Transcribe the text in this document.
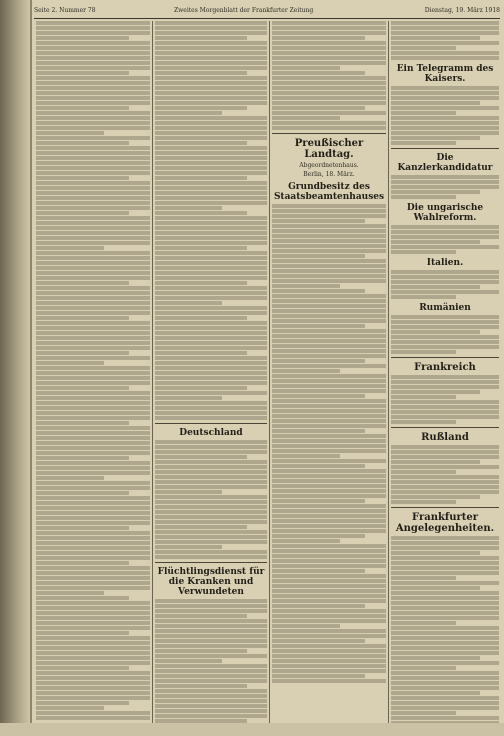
Seite 2. Nummer 78	Zweites Morgenblatt der Frankfurter Zeitung	Dienstag, 19. März 1918
Deutschland
Flüchtlingsdienst für die Kranken und Verwundeten
Preußischer Landtag.
Abgeordnetenhaus.
Berlin, 18. März.
Grundbesitz des Staatsbeamtenhauses
Ein Telegramm des Kaisers.
Die Kanzlerkandidatur
Die ungarische Wahlreform.
Italien.
Rumänien
Frankreich
Rußland
Frankfurter Angelegenheiten.
